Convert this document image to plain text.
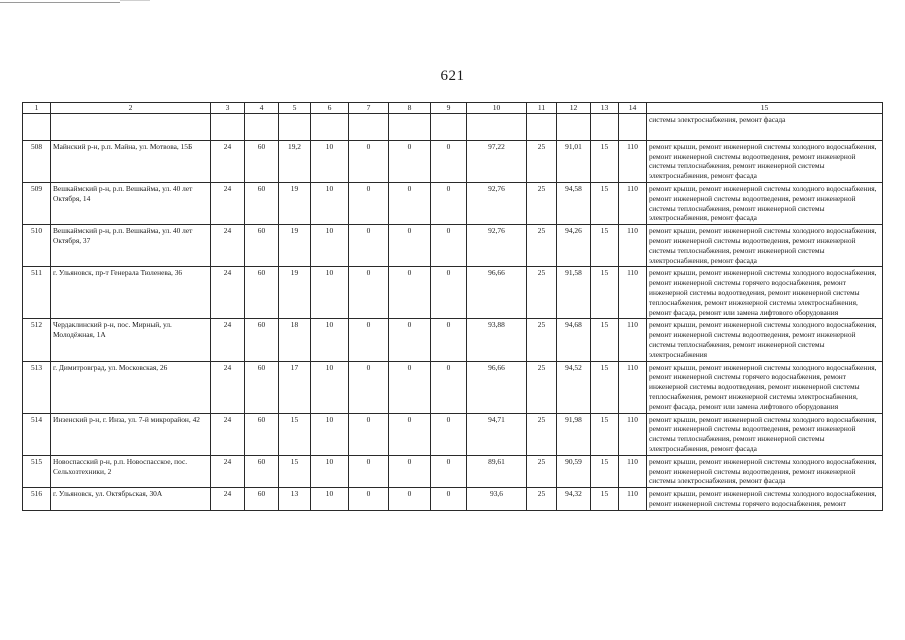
621
1	2	3	4	5	6	7	8	9	10	11	12	13	14	15
														системы электроснабжения, ремонт фасада
508	Майнский р-н, р.п. Майна, ул. Мотвова, 15Б	24	60	19,2	10	0	0	0	97,22	25	91,01	15	110	ремонт крыши, ремонт инженерной системы холодного водоснабжения, ремонт инженерной системы водоотведения, ремонт инженерной системы теплоснабжения, ремонт инженерной системы электроснабжения, ремонт фасада
509	Вешкаймский р-н, р.п. Вешкайма, ул. 40 лет Октября, 14	24	60	19	10	0	0	0	92,76	25	94,58	15	110	ремонт крыши, ремонт инженерной системы холодного водоснабжения, ремонт инженерной системы водоотведения, ремонт инженерной системы теплоснабжения, ремонт инженерной системы электроснабжения, ремонт фасада
510	Вешкаймский р-н, р.п. Вешкайма, ул. 40 лет Октября, 37	24	60	19	10	0	0	0	92,76	25	94,26	15	110	ремонт крыши, ремонт инженерной системы холодного водоснабжения, ремонт инженерной системы водоотведения, ремонт инженерной системы теплоснабжения, ремонт инженерной системы электроснабжения, ремонт фасада
511	г. Ульяновск, пр-т Генерала Тюленева, 36	24	60	19	10	0	0	0	96,66	25	91,58	15	110	ремонт крыши, ремонт инженерной системы холодного водоснабжения, ремонт инженерной системы горячего водоснабжения, ремонт инженерной системы водоотведения, ремонт инженерной системы теплоснабжения, ремонт инженерной системы электроснабжения, ремонт фасада, ремонт или замена лифтового оборудования
512	Чердаклинский р-н, пос. Мирный, ул. Молодёжная, 1А	24	60	18	10	0	0	0	93,88	25	94,68	15	110	ремонт крыши, ремонт инженерной системы холодного водоснабжения, ремонт инженерной системы водоотведения, ремонт инженерной системы теплоснабжения, ремонт инженерной системы электроснабжения
513	г. Димитровград, ул. Московская, 26	24	60	17	10	0	0	0	96,66	25	94,52	15	110	ремонт крыши, ремонт инженерной системы холодного водоснабжения, ремонт инженерной системы горячего водоснабжения, ремонт инженерной системы водоотведения, ремонт инженерной системы теплоснабжения, ремонт инженерной системы электроснабжения, ремонт фасада, ремонт или замена лифтового оборудования
514	Инзенский р-н, г. Инза, ул. 7-й микрорайон, 42	24	60	15	10	0	0	0	94,71	25	91,98	15	110	ремонт крыши, ремонт инженерной системы холодного водоснабжения, ремонт инженерной системы водоотведения, ремонт инженерной системы теплоснабжения, ремонт инженерной системы электроснабжения, ремонт фасада
515	Новоспасский р-н, р.п. Новоспасское, пос. Сельхозтехники, 2	24	60	15	10	0	0	0	89,61	25	90,59	15	110	ремонт крыши, ремонт инженерной системы холодного водоснабжения, ремонт инженерной системы водоотведения, ремонт инженерной системы электроснабжения, ремонт фасада
516	г. Ульяновск, ул. Октябрьская, 30А	24	60	13	10	0	0	0	93,6	25	94,32	15	110	ремонт крыши, ремонт инженерной системы холодного водоснабжения, ремонт инженерной системы горячего водоснабжения, ремонт
